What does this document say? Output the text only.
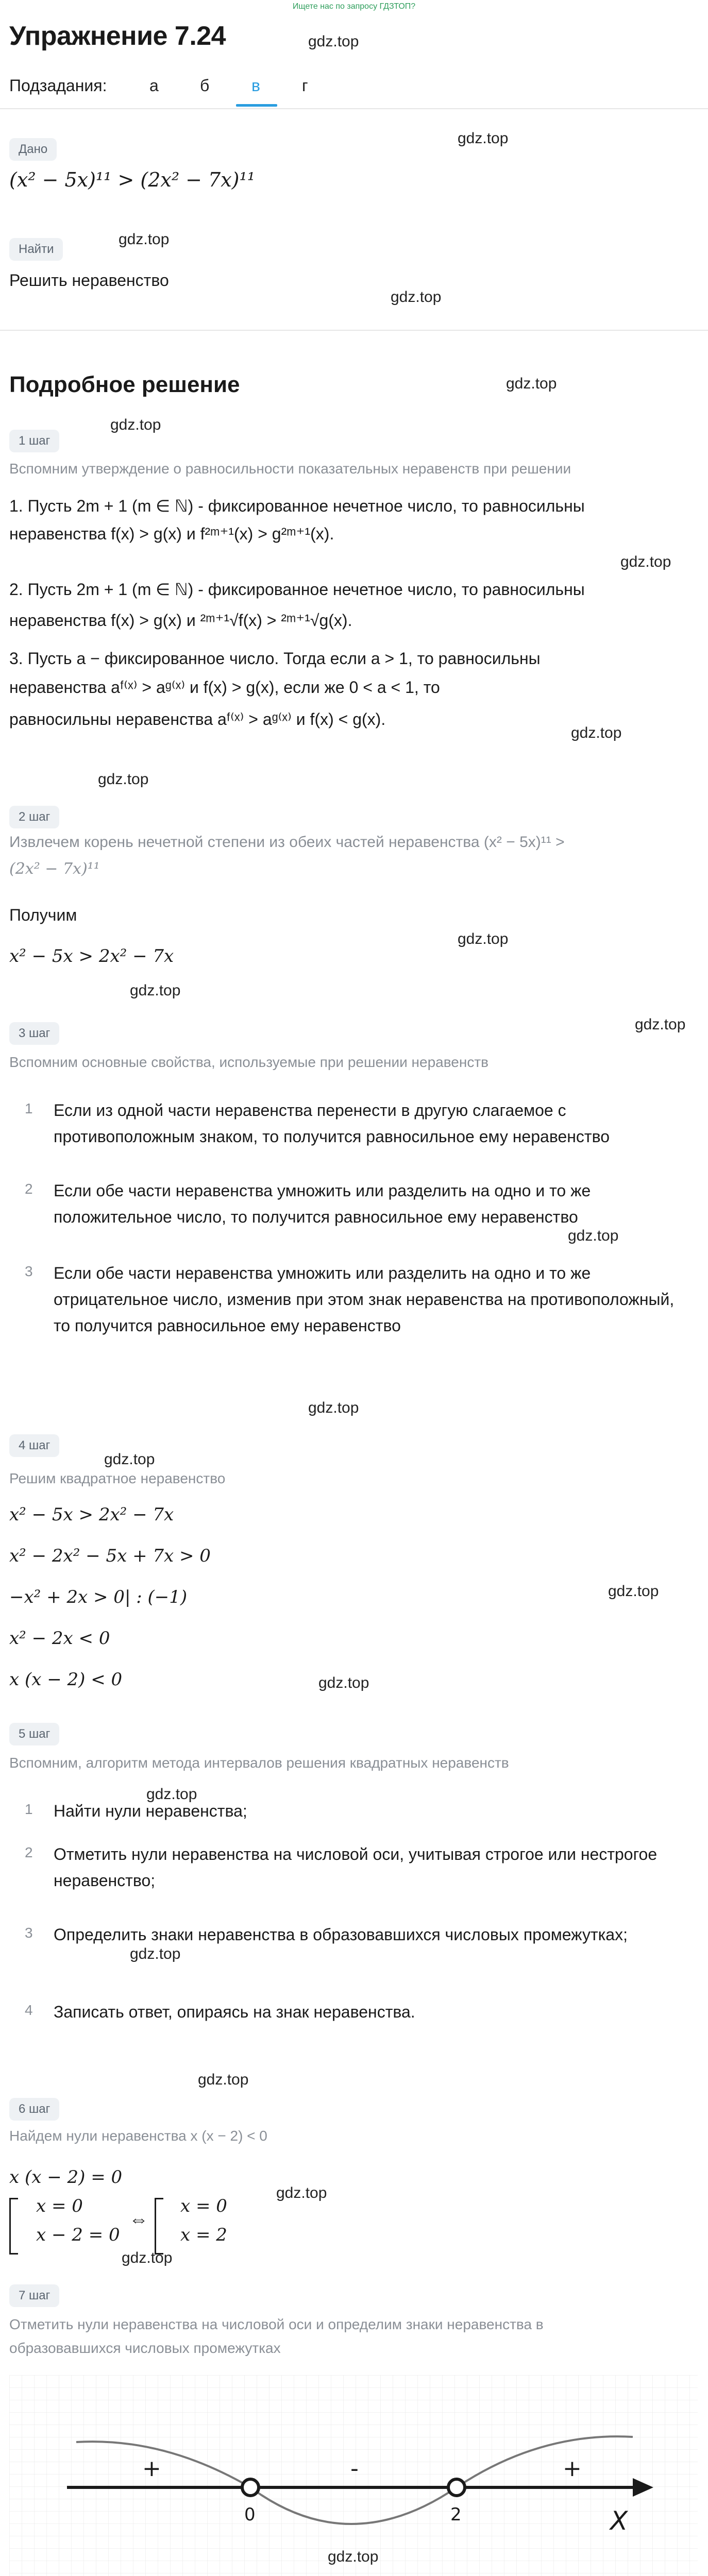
Ищете нас по запросу ГДЗТОП?
Упражнение 7.24	gdz.top
Подзадания:	а	б	в	г
gdz.top
Дано
(x² − 5x)¹¹ > (2x² − 7x)¹¹
gdz.top
Найти
Решить неравенство
gdz.top
Подробное решение	gdz.top
gdz.top
1 шаг
Вспомним утверждение о равносильности показательных неравенств при решении
1. Пусть 2m + 1 (m ∈ ℕ) - фиксированное нечетное число, то равносильны
неравенства f(x) > g(x) и f²ᵐ⁺¹(x) > g²ᵐ⁺¹(x).
gdz.top
2. Пусть 2m + 1 (m ∈ ℕ) - фиксированное нечетное число, то равносильны
неравенства f(x) > g(x) и ²ᵐ⁺¹√f(x) > ²ᵐ⁺¹√g(x).
3. Пусть a − фиксированное число. Тогда если a > 1, то равносильны
неравенства aᶠ⁽ˣ⁾ > aᵍ⁽ˣ⁾ и f(x) > g(x), если же 0 < a < 1, то
gdz.top
равносильны неравенства aᶠ⁽ˣ⁾ > aᵍ⁽ˣ⁾ и f(x) < g(x).
gdz.top
2 шаг
Извлечем корень нечетной степени из обеих частей неравенства (x² − 5x)¹¹ >
(2x² − 7x)¹¹
Получим
gdz.top
x² − 5x > 2x² − 7x
gdz.top
gdz.top
3 шаг
Вспомним основные свойства, используемые при решении неравенств
1 Если из одной части неравенства перенести в другую слагаемое с противоположным знаком, то получится равносильное ему неравенство
2 Если обе части неравенства умножить или разделить на одно и то же положительное число, то получится равносильное ему неравенство
gdz.top
3 Если обе части неравенства умножить или разделить на одно и то же отрицательное число, изменив при этом знак неравенства на противоположный, то получится равносильное ему неравенство
gdz.top
4 шаг
gdz.top
Решим квадратное неравенство
x² − 5x > 2x² − 7x
x² − 2x² − 5x + 7x > 0
gdz.top
−x² + 2x > 0| : (−1)
x² − 2x < 0
gdz.top
x (x − 2) < 0
5 шаг
Вспомним, алгоритм метода интервалов решения квадратных неравенств
gdz.top
1 Найти нули неравенства;
2 Отметить нули неравенства на числовой оси, учитывая строгое или нестрогое неравенство;
3 Определить знаки неравенства в образовавшихся числовых промежутках;
gdz.top
4 Записать ответ, опираясь на знак неравенства.
gdz.top
6 шаг
Найдем нули неравенства x (x − 2) < 0
x (x − 2) = 0
gdz.top
x = 0
x − 2 = 0
⇔
x = 0
x = 2
gdz.top
7 шаг
Отметить нули неравенства на числовой оси и определим знаки неравенства в
образовавшихся числовых промежутках
+	-	+
0	2	X
gdz.top
